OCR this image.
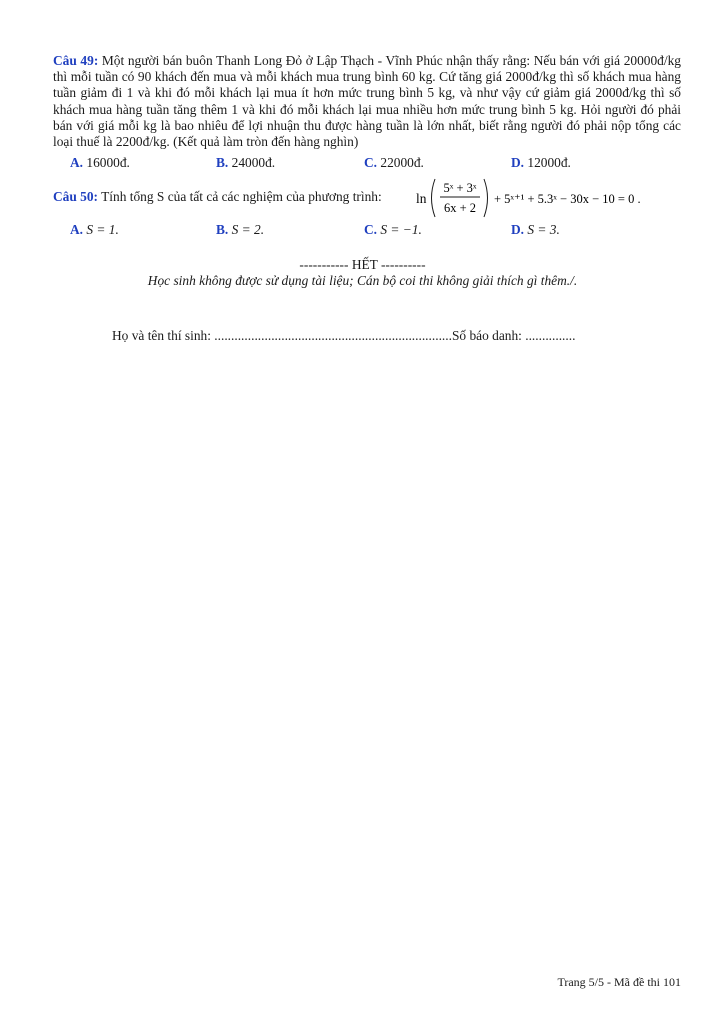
Câu 49: Một người bán buôn Thanh Long Đỏ ở Lập Thạch - Vĩnh Phúc nhận thấy rằng: Nếu bán với giá 20000đ/kg thì mỗi tuần có 90 khách đến mua và mỗi khách mua trung bình 60 kg. Cứ tăng giá 2000đ/kg thì số khách mua hàng tuần giảm đi 1 và khi đó mỗi khách lại mua ít hơn mức trung bình 5 kg, và như vậy cứ giảm giá 2000đ/kg thì số khách mua hàng tuần tăng thêm 1 và khi đó mỗi khách lại mua nhiều hơn mức trung bình 5 kg. Hỏi người đó phải bán với giá mỗi kg là bao nhiêu để lợi nhuận thu được hàng tuần là lớn nhất, biết rằng người đó phải nộp tổng các loại thuế là 2200đ/kg. (Kết quả làm tròn đến hàng nghìn)
A. 16000đ.	B. 24000đ.	C. 22000đ.	D. 12000đ.
Câu 50: Tính tổng S của tất cả các nghiệm của phương trình:	ln
5ˣ + 3ˣ
6x + 2
+ 5ˣ⁺¹ + 5.3ˣ − 30x − 10 = 0 .
A. S = 1.	B. S = 2.	C. S = −1.	D. S = 3.
----------- HẾT ----------
Học sinh không được sử dụng tài liệu; Cán bộ coi thi không giải thích gì thêm./.
Họ và tên thí sinh: .......................................................................Số báo danh: ...............
Trang 5/5 - Mã đề thi 101
